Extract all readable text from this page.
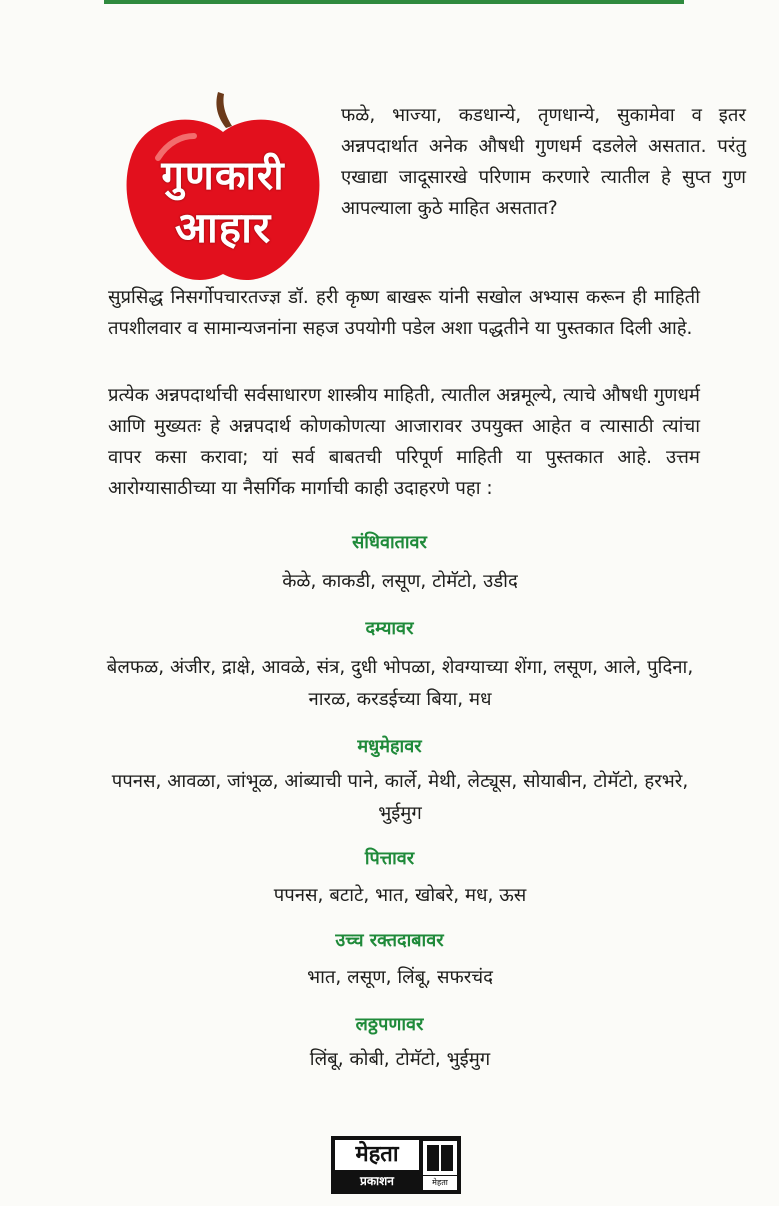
गुणकारी
आहार
फळे, भाज्या, कडधान्ये, तृणधान्ये, सुकामेवा व इतर अन्नपदार्थात अनेक औषधी गुणधर्म दडलेले असतात. परंतु एखाद्या जादूसारखे परिणाम करणारे त्यातील हे सुप्त गुण आपल्याला कुठे माहित असतात?
सुप्रसिद्ध निसर्गोपचारतज्ज्ञ डॉ. हरी कृष्ण बाखरू यांनी सखोल अभ्यास करून ही माहिती तपशीलवार व सामान्यजनांना सहज उपयोगी पडेल अशा पद्धतीने या पुस्तकात दिली आहे.
प्रत्येक अन्नपदार्थाची सर्वसाधारण शास्त्रीय माहिती, त्यातील अन्नमूल्ये, त्याचे औषधी गुणधर्म आणि मुख्यतः हे अन्नपदार्थ कोणकोणत्या आजारावर उपयुक्त आहेत व त्यासाठी त्यांचा वापर कसा करावा; यां सर्व बाबतची परिपूर्ण माहिती या पुस्तकात आहे. उत्तम आरोग्यासाठीच्या या नैसर्गिक मार्गाची काही उदाहरणे पहा :
संधिवातावर
केळे, काकडी, लसूण, टोमॅटो, उडीद
दम्यावर
बेलफळ, अंजीर, द्राक्षे, आवळे, संत्र, दुधी भोपळा, शेवग्याच्या शेंगा, लसूण, आले, पुदिना, नारळ, करडईच्या बिया, मध
मधुमेहावर
पपनस, आवळा, जांभूळ, आंब्याची पाने, कार्ले, मेथी, लेट्यूस, सोयाबीन, टोमॅटो, हरभरे, भुईमुग
पित्तावर
पपनस, बटाटे, भात, खोबरे, मध, ऊस
उच्च रक्तदाबावर
भात, लसूण, लिंबू, सफरचंद
लठ्ठपणावर
लिंबू, कोबी, टोमॅटो, भुईमुग
मेहता
प्रकाशन	मेहता
